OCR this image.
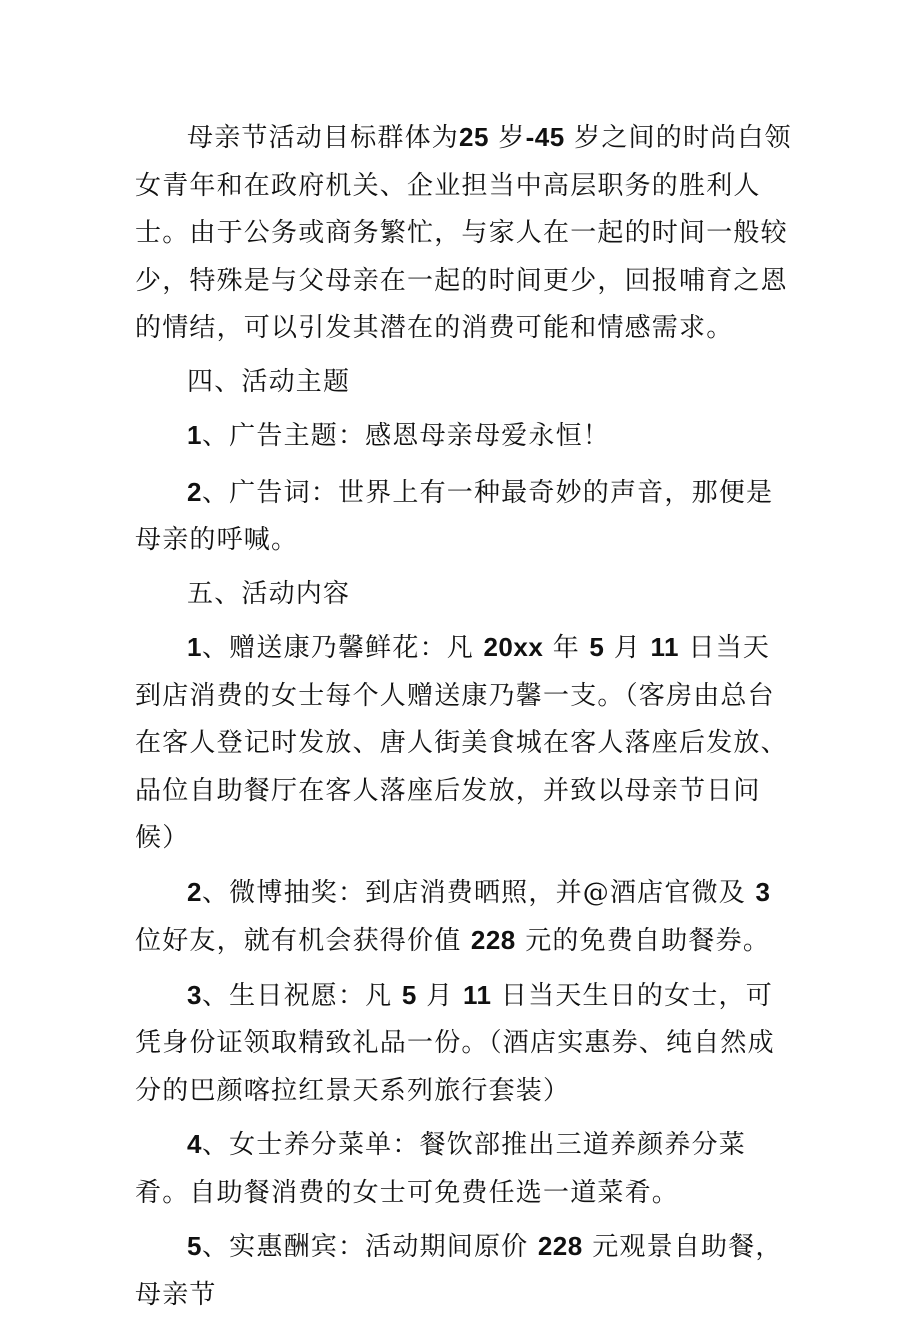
母亲节活动目标群体为25 岁-45 岁之间的时尚白领女青年和在政府机关、企业担当中高层职务的胜利人士。由于公务或商务繁忙，与家人在一起的时间一般较少，特殊是与父母亲在一起的时间更少，回报哺育之恩的情结，可以引发其潜在的消费可能和情感需求。

四、活动主题

1、广告主题：感恩母亲母爱永恒！

2、广告词：世界上有一种最奇妙的声音，那便是母亲的呼喊。

五、活动内容

1、赠送康乃馨鲜花：凡 20xx 年 5 月 11 日当天到店消费的女士每个人赠送康乃馨一支。（客房由总台在客人登记时发放、唐人街美食城在客人落座后发放、品位自助餐厅在客人落座后发放，并致以母亲节日问候）

2、微博抽奖：到店消费晒照，并@酒店官微及 3 位好友，就有机会获得价值 228 元的免费自助餐券。

3、生日祝愿：凡 5 月 11 日当天生日的女士，可凭身份证领取精致礼品一份。（酒店实惠券、纯自然成分的巴颜喀拉红景天系列旅行套装）

4、女士养分菜单：餐饮部推出三道养颜养分菜肴。自助餐消费的女士可免费任选一道菜肴。

5、实惠酬宾：活动期间原价 228 元观景自助餐，母亲节
